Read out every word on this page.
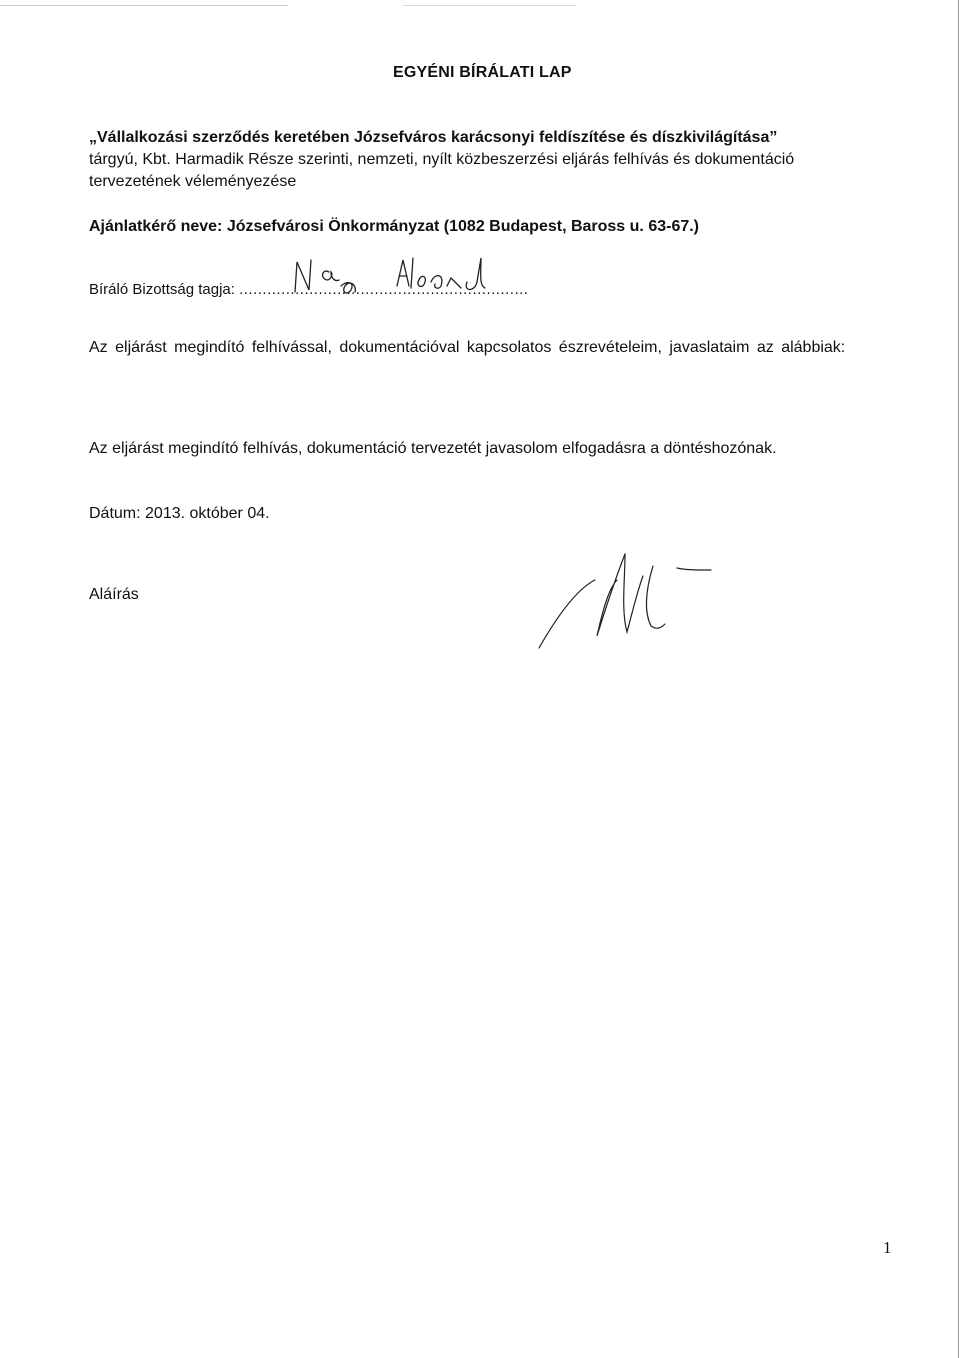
EGYÉNI BÍRÁLATI LAP
„Vállalkozási szerződés keretében Józsefváros karácsonyi feldíszítése és díszkivilágítása”
tárgyú, Kbt. Harmadik Része szerinti, nemzeti, nyílt közbeszerzési eljárás felhívás és dokumentáció
tervezetének véleményezése
Ajánlatkérő neve: Józsefvárosi Önkormányzat (1082 Budapest, Baross u. 63-67.)
Bíráló Bizottság tagja: ..............................................................
Az eljárást megindító felhívással, dokumentációval kapcsolatos észrevételeim, javaslataim az alábbiak:
Az eljárást megindító felhívás, dokumentáció tervezetét javasolom elfogadásra a döntéshozónak.
Dátum: 2013. október 04.
Aláírás
1
